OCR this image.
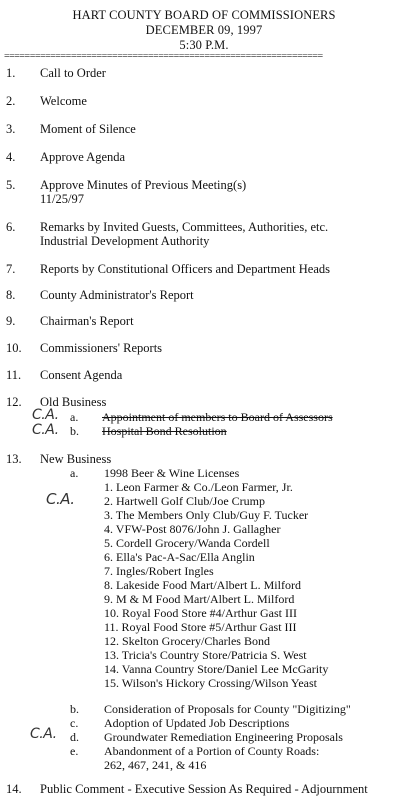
HART COUNTY BOARD OF COMMISSIONERS
DECEMBER 09, 1997
5:30 P.M.
==============================================================
1.	Call to Order
2.	Welcome
3.	Moment of Silence
4.	Approve Agenda
5.	Approve Minutes of Previous Meeting(s)
11/25/97
6.	Remarks by Invited Guests, Committees, Authorities, etc.
Industrial Development Authority
7.	Reports by Constitutional Officers and Department Heads
8.	County Administrator's Report
9.	Chairman's Report
10.	Commissioners' Reports
11.	Consent Agenda
12.	Old Business
C.A. a. Appointment of members to Board of Assessors
C.A. b. Hospital Bond Resolution
13.	New Business
a. 1998 Beer & Wine Licenses
C.A.
1. Leon Farmer & Co./Leon Farmer, Jr.
2. Hartwell Golf Club/Joe Crump
3. The Members Only Club/Guy F. Tucker
4. VFW-Post 8076/John J. Gallagher
5. Cordell Grocery/Wanda Cordell
6. Ella's Pac-A-Sac/Ella Anglin
7. Ingles/Robert Ingles
8. Lakeside Food Mart/Albert L. Milford
9. M & M Food Mart/Albert L. Milford
10. Royal Food Store #4/Arthur Gast III
11. Royal Food Store #5/Arthur Gast III
12. Skelton Grocery/Charles Bond
13. Tricia's Country Store/Patricia S. West
14. Vanna Country Store/Daniel Lee McGarity
15. Wilson's Hickory Crossing/Wilson Yeast
b. Consideration of Proposals for County "Digitizing"
c. Adoption of Updated Job Descriptions
C.A. d. Groundwater Remediation Engineering Proposals
e. Abandonment of a Portion of County Roads:
262, 467, 241, & 416
14.	Public Comment - Executive Session As Required - Adjournment
